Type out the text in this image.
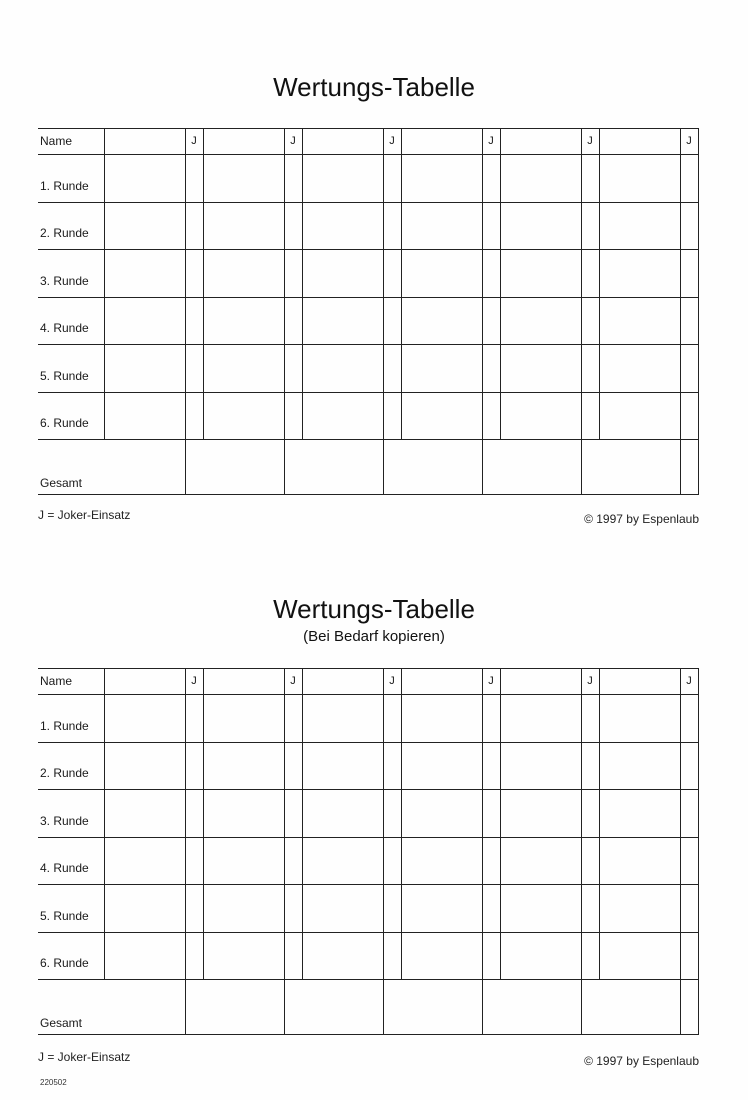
Wertungs-Tabelle
Name		J		J		J		J		J		J
1. Runde												
2. Runde												
3. Runde												
4. Runde												
5. Runde												
6. Runde												
Gesamt												
J = Joker-Einsatz	© 1997 by Espenlaub
Wertungs-Tabelle
(Bei Bedarf kopieren)
Name		J		J		J		J		J		J
1. Runde												
2. Runde												
3. Runde												
4. Runde												
5. Runde												
6. Runde												
Gesamt												
J = Joker-Einsatz	© 1997 by Espenlaub
220502
